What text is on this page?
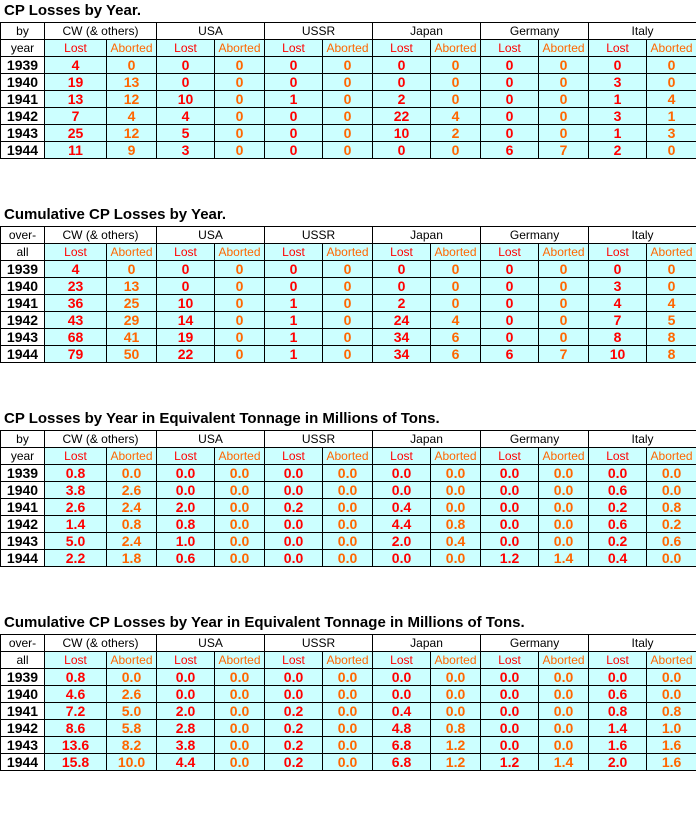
CP Losses by Year.
by	CW (& others)		USA		USSR		Japan		Germany		Italy	
year	Lost	Aborted	Lost	Aborted	Lost	Aborted	Lost	Aborted	Lost	Aborted	Lost	Aborted
1939	4	0	0	0	0	0	0	0	0	0	0	0
1940	19	13	0	0	0	0	0	0	0	0	3	0
1941	13	12	10	0	1	0	2	0	0	0	1	4
1942	7	4	4	0	0	0	22	4	0	0	3	1
1943	25	12	5	0	0	0	10	2	0	0	1	3
1944	11	9	3	0	0	0	0	0	6	7	2	0
Cumulative CP Losses by Year.
over-	CW (& others)		USA		USSR		Japan		Germany		Italy	
all	Lost	Aborted	Lost	Aborted	Lost	Aborted	Lost	Aborted	Lost	Aborted	Lost	Aborted
1939	4	0	0	0	0	0	0	0	0	0	0	0
1940	23	13	0	0	0	0	0	0	0	0	3	0
1941	36	25	10	0	1	0	2	0	0	0	4	4
1942	43	29	14	0	1	0	24	4	0	0	7	5
1943	68	41	19	0	1	0	34	6	0	0	8	8
1944	79	50	22	0	1	0	34	6	6	7	10	8
CP Losses by Year in Equivalent Tonnage in Millions of Tons.
by	CW (& others)		USA		USSR		Japan		Germany		Italy	
year	Lost	Aborted	Lost	Aborted	Lost	Aborted	Lost	Aborted	Lost	Aborted	Lost	Aborted
1939	0.8	0.0	0.0	0.0	0.0	0.0	0.0	0.0	0.0	0.0	0.0	0.0
1940	3.8	2.6	0.0	0.0	0.0	0.0	0.0	0.0	0.0	0.0	0.6	0.0
1941	2.6	2.4	2.0	0.0	0.2	0.0	0.4	0.0	0.0	0.0	0.2	0.8
1942	1.4	0.8	0.8	0.0	0.0	0.0	4.4	0.8	0.0	0.0	0.6	0.2
1943	5.0	2.4	1.0	0.0	0.0	0.0	2.0	0.4	0.0	0.0	0.2	0.6
1944	2.2	1.8	0.6	0.0	0.0	0.0	0.0	0.0	1.2	1.4	0.4	0.0
Cumulative CP Losses by Year in Equivalent Tonnage in Millions of Tons.
over-	CW (& others)		USA		USSR		Japan		Germany		Italy	
all	Lost	Aborted	Lost	Aborted	Lost	Aborted	Lost	Aborted	Lost	Aborted	Lost	Aborted
1939	0.8	0.0	0.0	0.0	0.0	0.0	0.0	0.0	0.0	0.0	0.0	0.0
1940	4.6	2.6	0.0	0.0	0.0	0.0	0.0	0.0	0.0	0.0	0.6	0.0
1941	7.2	5.0	2.0	0.0	0.2	0.0	0.4	0.0	0.0	0.0	0.8	0.8
1942	8.6	5.8	2.8	0.0	0.2	0.0	4.8	0.8	0.0	0.0	1.4	1.0
1943	13.6	8.2	3.8	0.0	0.2	0.0	6.8	1.2	0.0	0.0	1.6	1.6
1944	15.8	10.0	4.4	0.0	0.2	0.0	6.8	1.2	1.2	1.4	2.0	1.6
